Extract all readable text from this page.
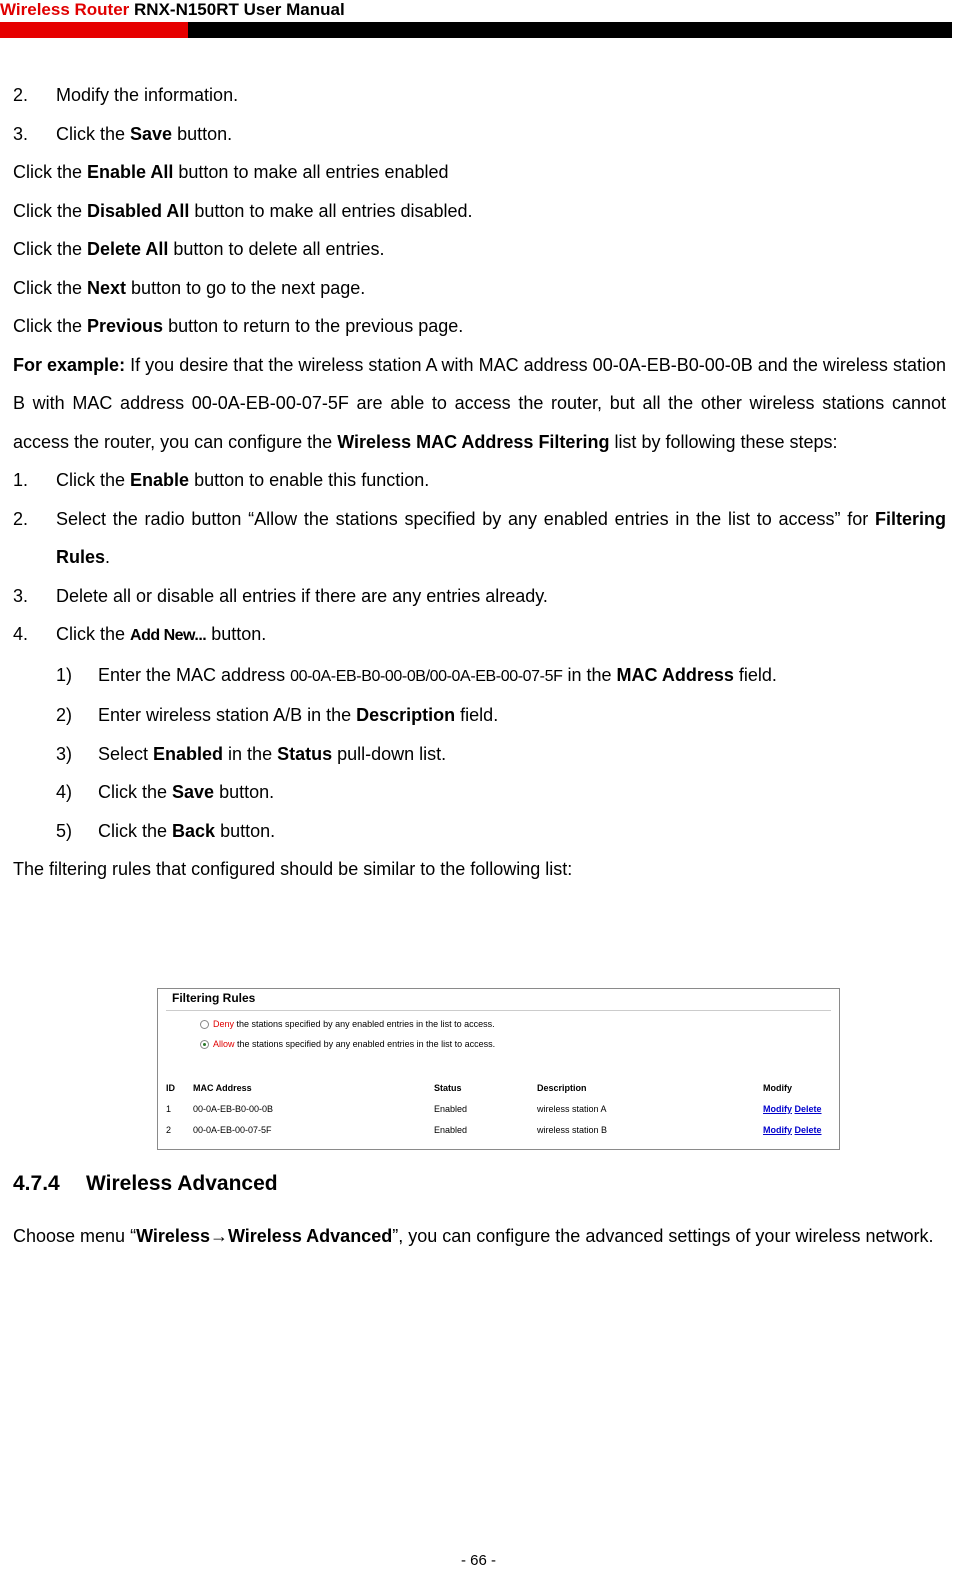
Wireless Router RNX-N150RT User Manual
2.	Modify the information.
3.	Click the Save button.

Click the Enable All button to make all entries enabled

Click the Disabled All button to make all entries disabled.

Click the Delete All button to delete all entries.

Click the Next button to go to the next page.

Click the Previous button to return to the previous page.

For example: If you desire that the wireless station A with MAC address 00-0A-EB-B0-00-0B and the wireless station B with MAC address 00-0A-EB-00-07-5F are able to access the router, but all the other wireless stations cannot access the router, you can configure the Wireless MAC Address Filtering list by following these steps:

1.	Click the Enable button to enable this function.
2.	Select the radio button “Allow the stations specified by any enabled entries in the list to access” for Filtering Rules.
3.	Delete all or disable all entries if there are any entries already.
4.	Click the Add New... button.
1)	Enter the MAC address 00-0A-EB-B0-00-0B/00-0A-EB-00-07-5F in the MAC Address field.
2)	Enter wireless station A/B in the Description field.
3)	Select Enabled in the Status pull-down list.
4)	Click the Save button.
5)	Click the Back button.

The filtering rules that configured should be similar to the following list:

Filtering Rules
Deny the stations specified by any enabled entries in the list to access.
Allow the stations specified by any enabled entries in the list to access.
ID MAC Address	Status	Description	Modify
1 00-0A-EB-B0-00-0B	Enabled	wireless station A	Modify Delete
2 00-0A-EB-00-07-5F	Enabled	wireless station B	Modify Delete
4.7.4 Wireless Advanced

Choose menu “Wireless→Wireless Advanced”, you can configure the advanced settings of your wireless network.

- 66 -
